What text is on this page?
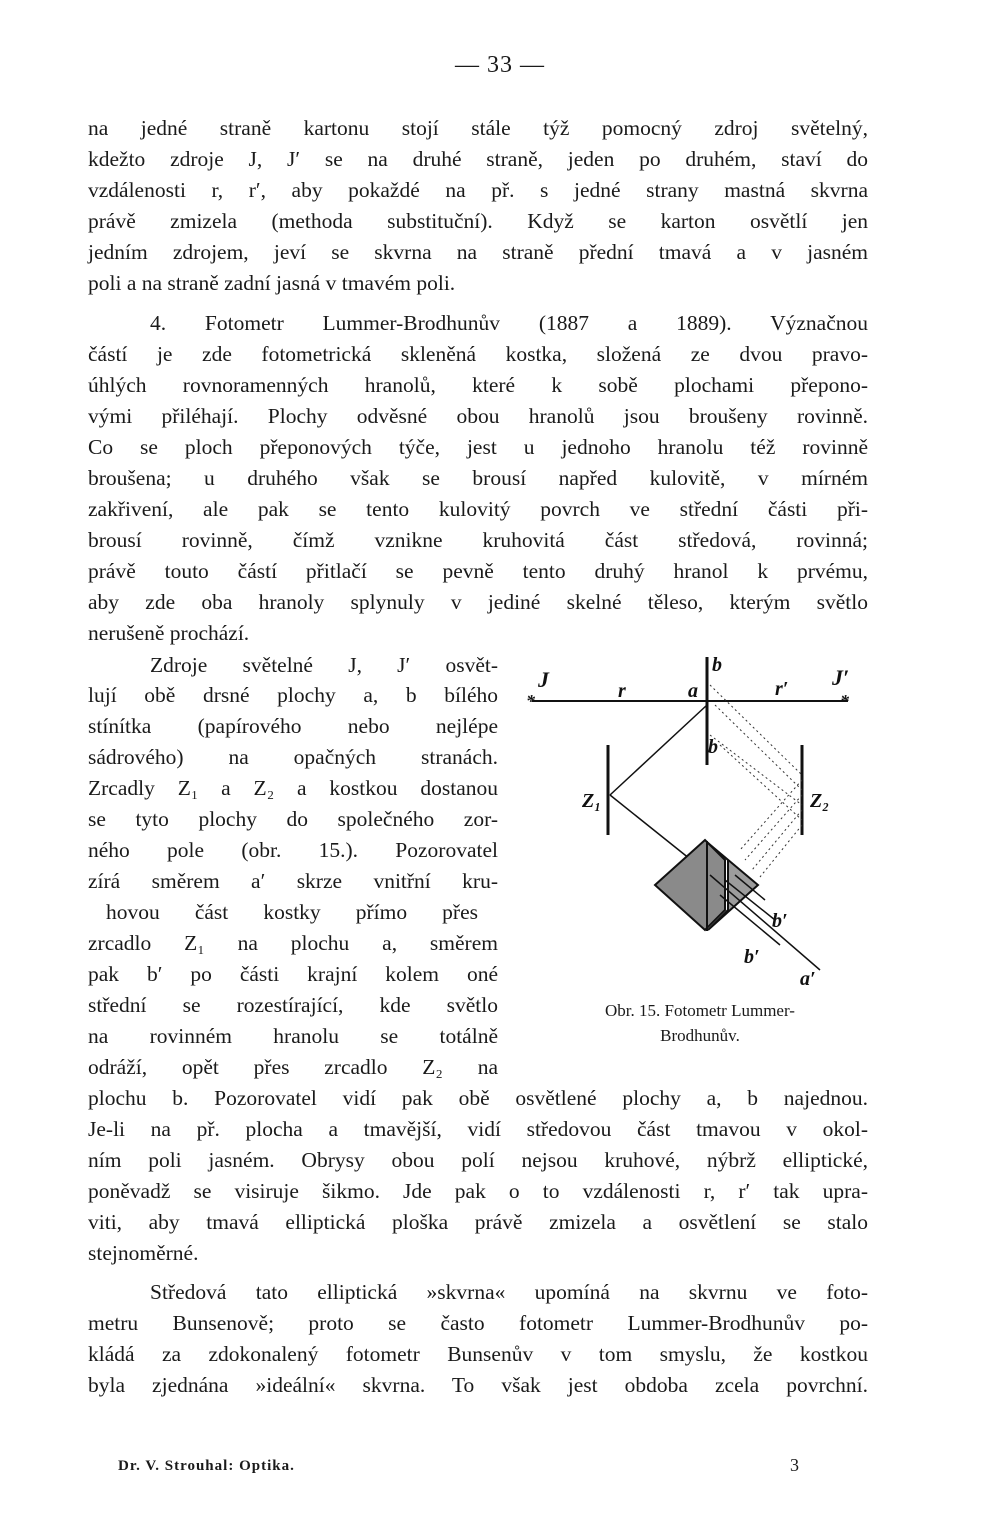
— 33 —
na jedné straně kartonu stojí stále týž pomocný zdroj světelný,
kdežto zdroje J, J′ se na druhé straně, jeden po druhém, staví do
vzdálenosti r, r′, aby pokaždé na př. s jedné strany mastná skvrna
právě zmizela (methoda substituční). Když se karton osvětlí jen
jedním zdrojem, jeví se skvrna na straně přední tmavá a v jasném
poli a na straně zadní jasná v tmavém poli.
4. Fotometr Lummer-Brodhunův (1887 a 1889). Význačnou
částí je zde fotometrická skleněná kostka, složená ze dvou pravo-
úhlých rovnoramenných hranolů, které k sobě plochami přepono-
vými přiléhají. Plochy odvěsné obou hranolů jsou broušeny rovinně.
Co se ploch přeponových týče, jest u jednoho hranolu též rovinně
broušena; u druhého však se brousí napřed kulovitě, v mírném
zakřivení, ale pak se tento kulovitý povrch ve střední části při-
brousí rovinně, čímž vznikne kruhovitá část středová, rovinná;
právě touto částí přitlačí se pevně tento druhý hranol k prvému,
aby zde oba hranoly splynuly v jediné skelné těleso, kterým světlo
nerušeně prochází.
Zdroje světelné J, J′ osvět-
lují obě drsné plochy a, b bílého
stínítka (papírového nebo nejlépe
sádrového) na opačných stranách.
Zrcadly Z₁ a Z₂ a kostkou dostanou
se tyto plochy do společného zor-
ného pole (obr. 15.). Pozorovatel
zírá směrem a′ skrze vnitřní kru-
hovou část kostky přímo přes
zrcadlo Z₁ na plochu a, směrem
pak b′ po části krajní kolem oné
střední se rozestírající, kde světlo
na rovinném hranolu se totálně
odráží, opět přes zrcadlo Z₂ na
plochu b. Pozorovatel vidí pak obě osvětlené plochy a, b najednou.
Je-li na př. plocha a tmavější, vidí středovou část tmavou v okol-
ním poli jasném. Obrysy obou polí nejsou kruhové, nýbrž elliptické,
poněvadž se visiruje šikmo. Jde pak o to vzdálenosti r, r′ tak upra-
viti, aby tmavá elliptická ploška právě zmizela a osvětlení se stalo
stejnoměrné.
Středová tato elliptická »skvrna« upomíná na skvrnu ve foto-
metru Bunsenově; proto se často fotometr Lummer-Brodhunův po-
kládá za zdokonalený fotometr Bunsenův v tom smyslu, že kostkou
byla zjednána »ideální« skvrna. To však jest obdoba zcela povrchní.
*	*
J	r	a
b
r′ J′
b
Z₁	Z₂
b′
b′
a′
Obr. 15. Fotometr Lummer-
Brodhunův.
Dr. V. Strouhal: Optika.	3
